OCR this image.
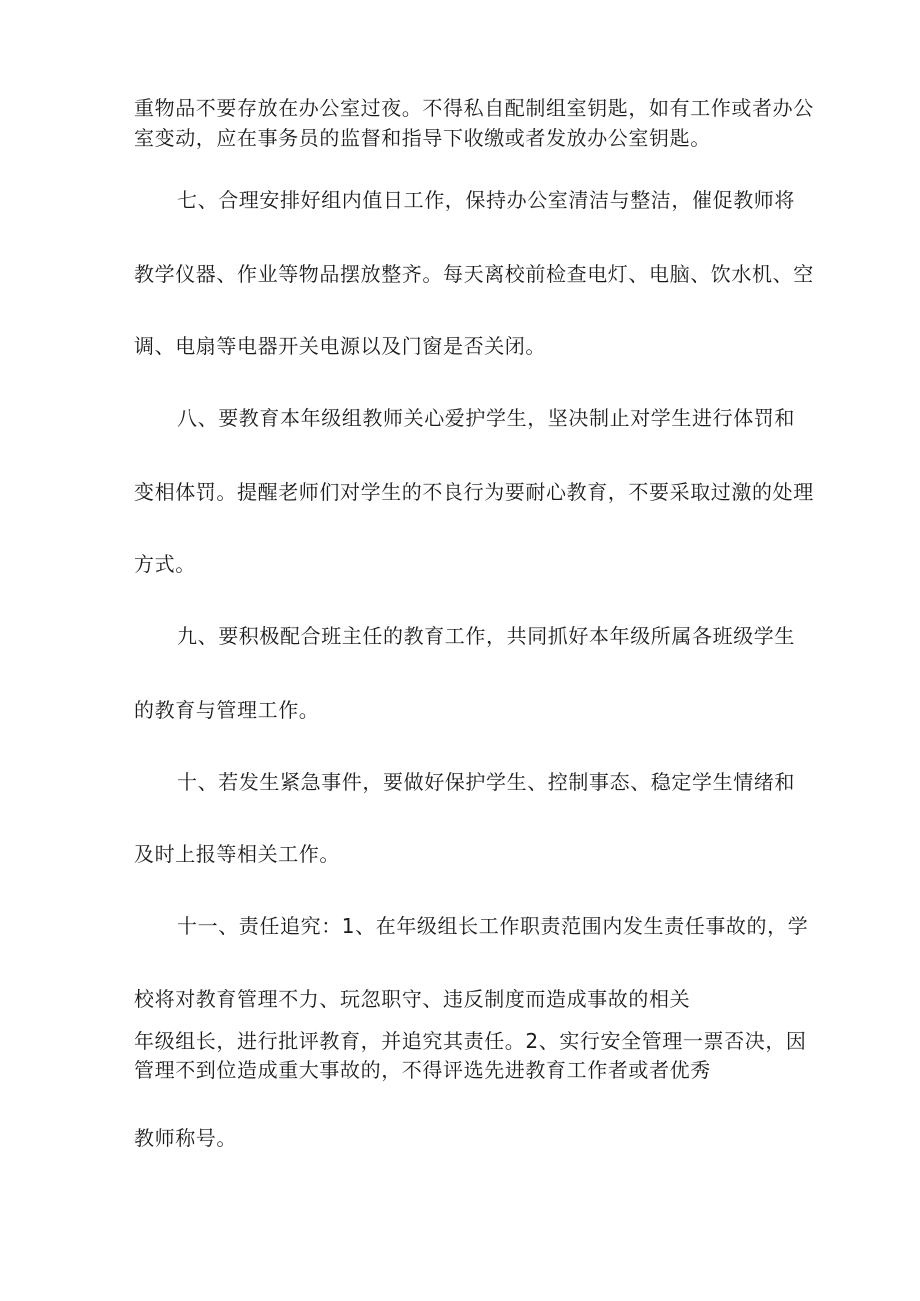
重物品不要存放在办公室过夜。不得私自配制组室钥匙，如有工作或者办公
室变动，应在事务员的监督和指导下收缴或者发放办公室钥匙。
七、合理安排好组内值日工作，保持办公室清洁与整洁，催促教师将
教学仪器、作业等物品摆放整齐。每天离校前检查电灯、电脑、饮水机、空
调、电扇等电器开关电源以及门窗是否关闭。
八、要教育本年级组教师关心爱护学生，坚决制止对学生进行体罚和
变相体罚。提醒老师们对学生的不良行为要耐心教育，不要采取过激的处理
方式。
九、要积极配合班主任的教育工作，共同抓好本年级所属各班级学生
的教育与管理工作。
十、若发生紧急事件，要做好保护学生、控制事态、稳定学生情绪和
及时上报等相关工作。
十一、责任追究：1、在年级组长工作职责范围内发生责任事故的，学
校将对教育管理不力、玩忽职守、违反制度而造成事故的相关
年级组长，进行批评教育，并追究其责任。2、实行安全管理一票否决，因
管理不到位造成重大事故的，不得评选先进教育工作者或者优秀
教师称号。
